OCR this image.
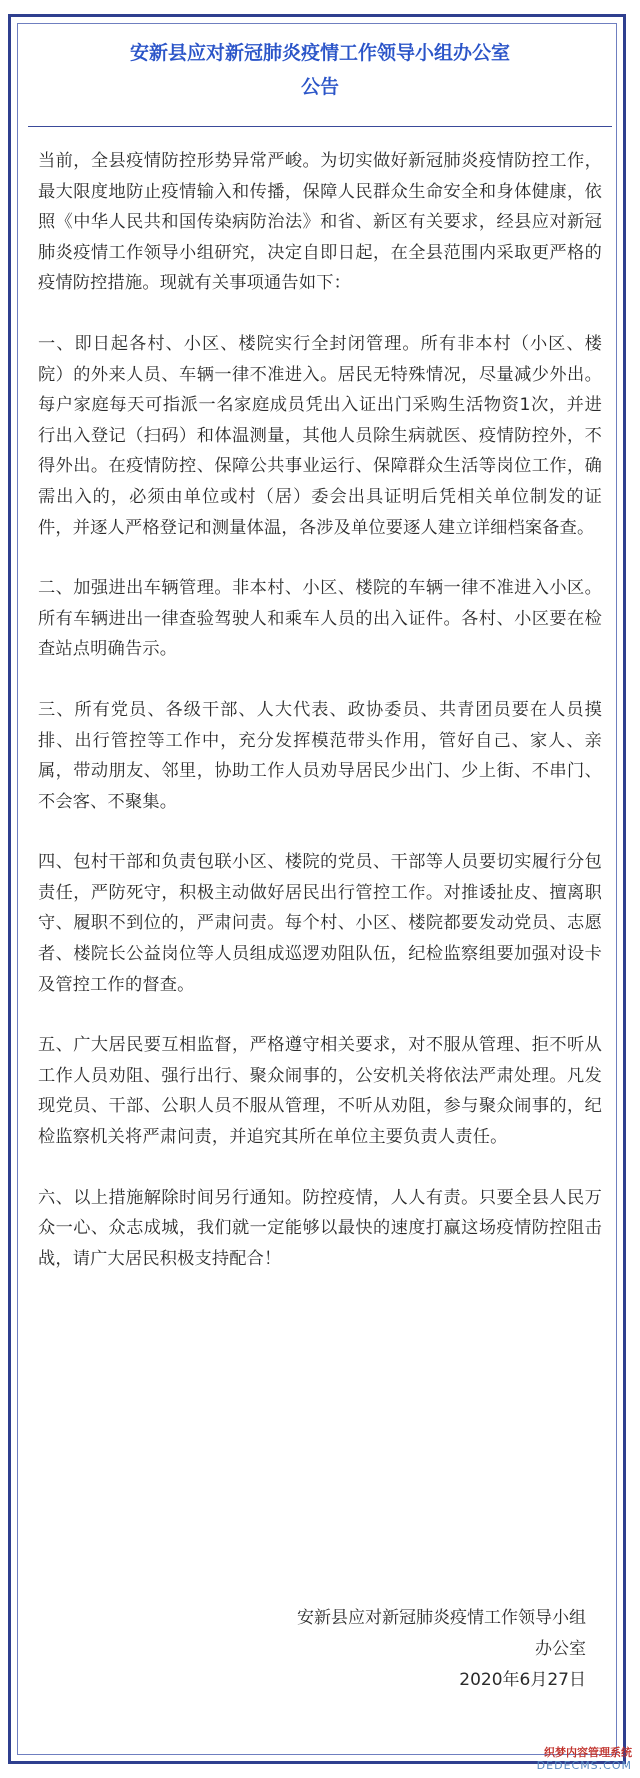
安新县应对新冠肺炎疫情工作领导小组办公室
公告

当前，全县疫情防控形势异常严峻。为切实做好新冠肺炎疫情防控工作，最大限度地防止疫情输入和传播，保障人民群众生命安全和身体健康，依照《中华人民共和国传染病防治法》和省、新区有关要求，经县应对新冠肺炎疫情工作领导小组研究，决定自即日起，在全县范围内采取更严格的疫情防控措施。现就有关事项通告如下：

一、即日起各村、小区、楼院实行全封闭管理。所有非本村（小区、楼院）的外来人员、车辆一律不准进入。居民无特殊情况，尽量减少外出。每户家庭每天可指派一名家庭成员凭出入证出门采购生活物资1次，并进行出入登记（扫码）和体温测量，其他人员除生病就医、疫情防控外，不得外出。在疫情防控、保障公共事业运行、保障群众生活等岗位工作，确需出入的，必须由单位或村（居）委会出具证明后凭相关单位制发的证件，并逐人严格登记和测量体温，各涉及单位要逐人建立详细档案备查。

二、加强进出车辆管理。非本村、小区、楼院的车辆一律不准进入小区。所有车辆进出一律查验驾驶人和乘车人员的出入证件。各村、小区要在检查站点明确告示。

三、所有党员、各级干部、人大代表、政协委员、共青团员要在人员摸排、出行管控等工作中，充分发挥模范带头作用，管好自己、家人、亲属，带动朋友、邻里，协助工作人员劝导居民少出门、少上街、不串门、不会客、不聚集。

四、包村干部和负责包联小区、楼院的党员、干部等人员要切实履行分包责任，严防死守，积极主动做好居民出行管控工作。对推诿扯皮、擅离职守、履职不到位的，严肃问责。每个村、小区、楼院都要发动党员、志愿者、楼院长公益岗位等人员组成巡逻劝阻队伍，纪检监察组要加强对设卡及管控工作的督查。

五、广大居民要互相监督，严格遵守相关要求，对不服从管理、拒不听从工作人员劝阻、强行出行、聚众闹事的，公安机关将依法严肃处理。凡发现党员、干部、公职人员不服从管理，不听从劝阻，参与聚众闹事的，纪检监察机关将严肃问责，并追究其所在单位主要负责人责任。

六、以上措施解除时间另行通知。防控疫情，人人有责。只要全县人民万众一心、众志成城，我们就一定能够以最快的速度打赢这场疫情防控阻击战，请广大居民积极支持配合！

安新县应对新冠肺炎疫情工作领导小组
办公室
2020年6月27日
织梦内容管理系统
DEDECMS.COM
